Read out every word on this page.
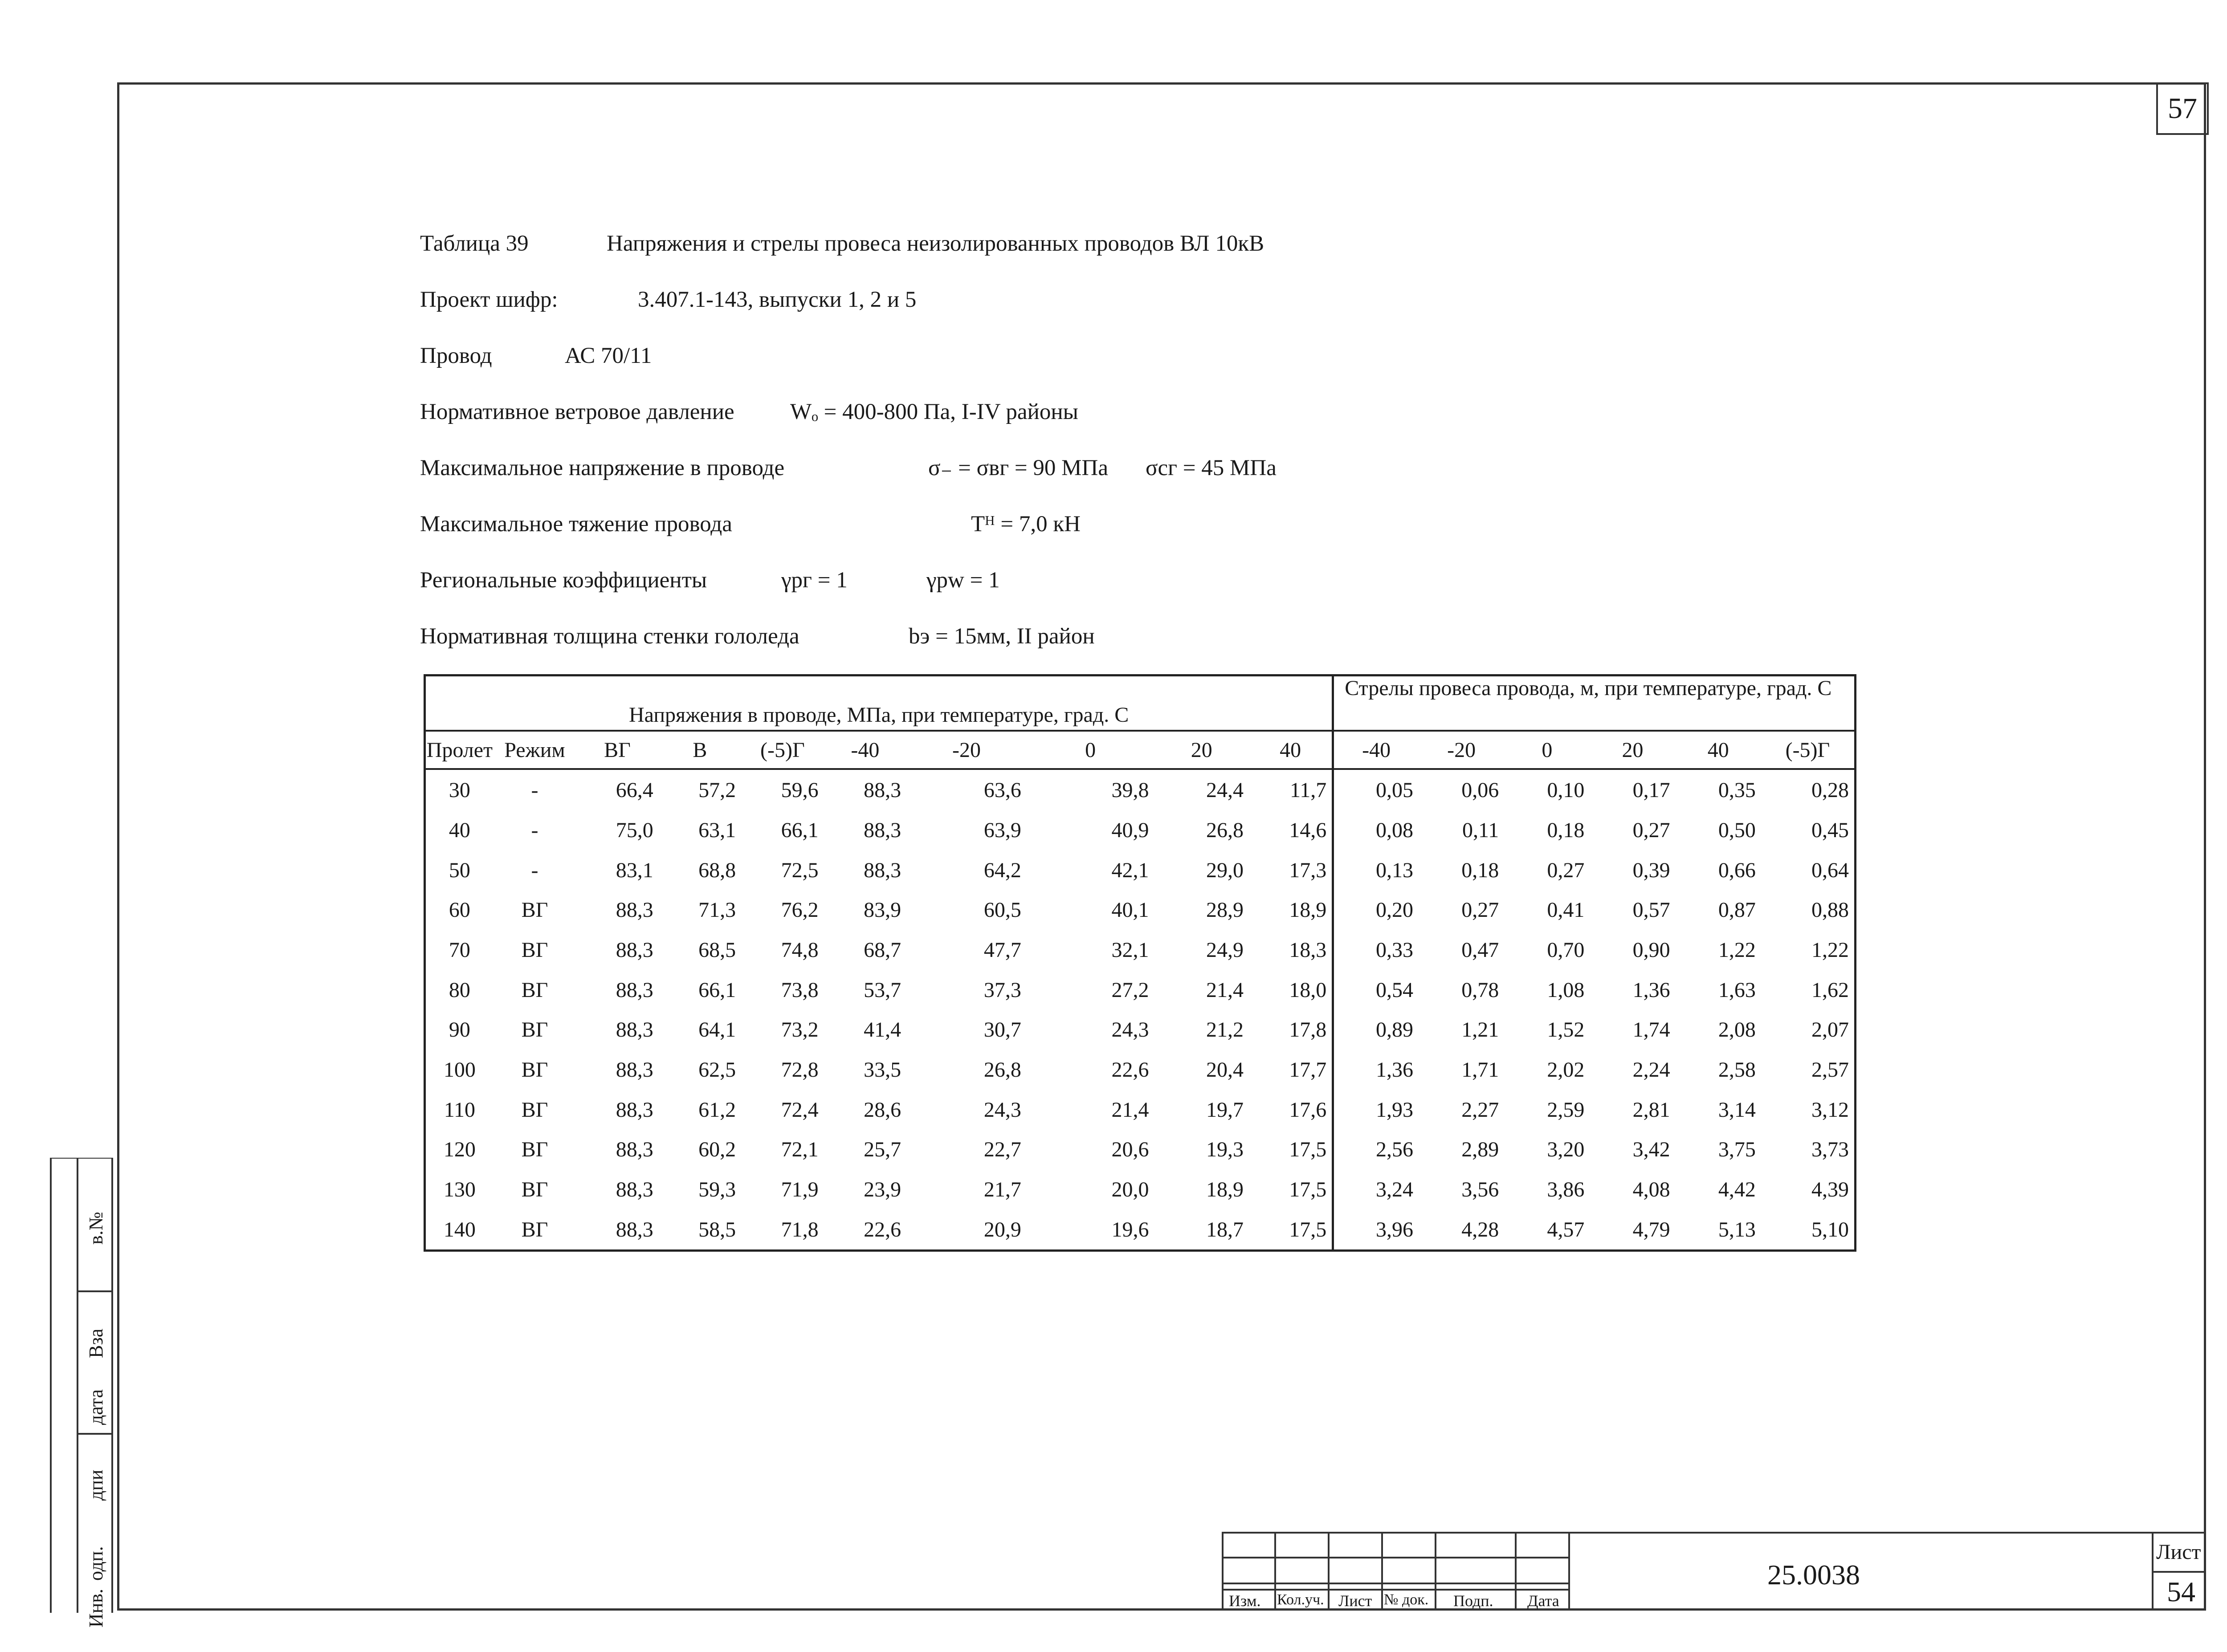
57
Таблица 39	Напряжения и стрелы провеса неизолированных проводов ВЛ 10кВ
Проект шифр:	3.407.1-143, выпуски 1, 2 и 5
Провод	АС 70/11
Нормативное ветровое давление Wₒ = 400-800 Па, I-IV районы
Максимальное напряжение в проводе	σ₋ = σвг = 90 МПа σсг = 45 МПа
Максимальное тяжение провода	Tᴴ = 7,0 кН
Региональные коэффициенты	γрг = 1	γpw = 1
Нормативная толщина стенки гололеда	bэ = 15мм, II район
Напряжения в проводе, МПа, при температуре, град. С										Стрелы провеса провода, м, при температуре, град. С					
Пролет	Режим	ВГ	В	(-5)Г	-40	-20	0	20	40	-40	-20	0	20	40	(-5)Г
30	-	66,4	57,2	59,6	88,3	63,6	39,8	24,4	11,7	0,05	0,06	0,10	0,17	0,35	0,28
40	-	75,0	63,1	66,1	88,3	63,9	40,9	26,8	14,6	0,08	0,11	0,18	0,27	0,50	0,45
50	-	83,1	68,8	72,5	88,3	64,2	42,1	29,0	17,3	0,13	0,18	0,27	0,39	0,66	0,64
60	ВГ	88,3	71,3	76,2	83,9	60,5	40,1	28,9	18,9	0,20	0,27	0,41	0,57	0,87	0,88
70	ВГ	88,3	68,5	74,8	68,7	47,7	32,1	24,9	18,3	0,33	0,47	0,70	0,90	1,22	1,22
80	ВГ	88,3	66,1	73,8	53,7	37,3	27,2	21,4	18,0	0,54	0,78	1,08	1,36	1,63	1,62
90	ВГ	88,3	64,1	73,2	41,4	30,7	24,3	21,2	17,8	0,89	1,21	1,52	1,74	2,08	2,07
100	ВГ	88,3	62,5	72,8	33,5	26,8	22,6	20,4	17,7	1,36	1,71	2,02	2,24	2,58	2,57
110	ВГ	88,3	61,2	72,4	28,6	24,3	21,4	19,7	17,6	1,93	2,27	2,59	2,81	3,14	3,12
120	ВГ	88,3	60,2	72,1	25,7	22,7	20,6	19,3	17,5	2,56	2,89	3,20	3,42	3,75	3,73
130	ВГ	88,3	59,3	71,9	23,9	21,7	20,0	18,9	17,5	3,24	3,56	3,86	4,08	4,42	4,39
140	ВГ	88,3	58,5	71,8	22,6	20,9	19,6	18,7	17,5	3,96	4,28	4,57	4,79	5,13	5,10
в.№
Вза
дата
дпи
одп.
Инв.	Изм. Кол.уч. Лист № док. Подп. Дата
25.0038
Лист
54
